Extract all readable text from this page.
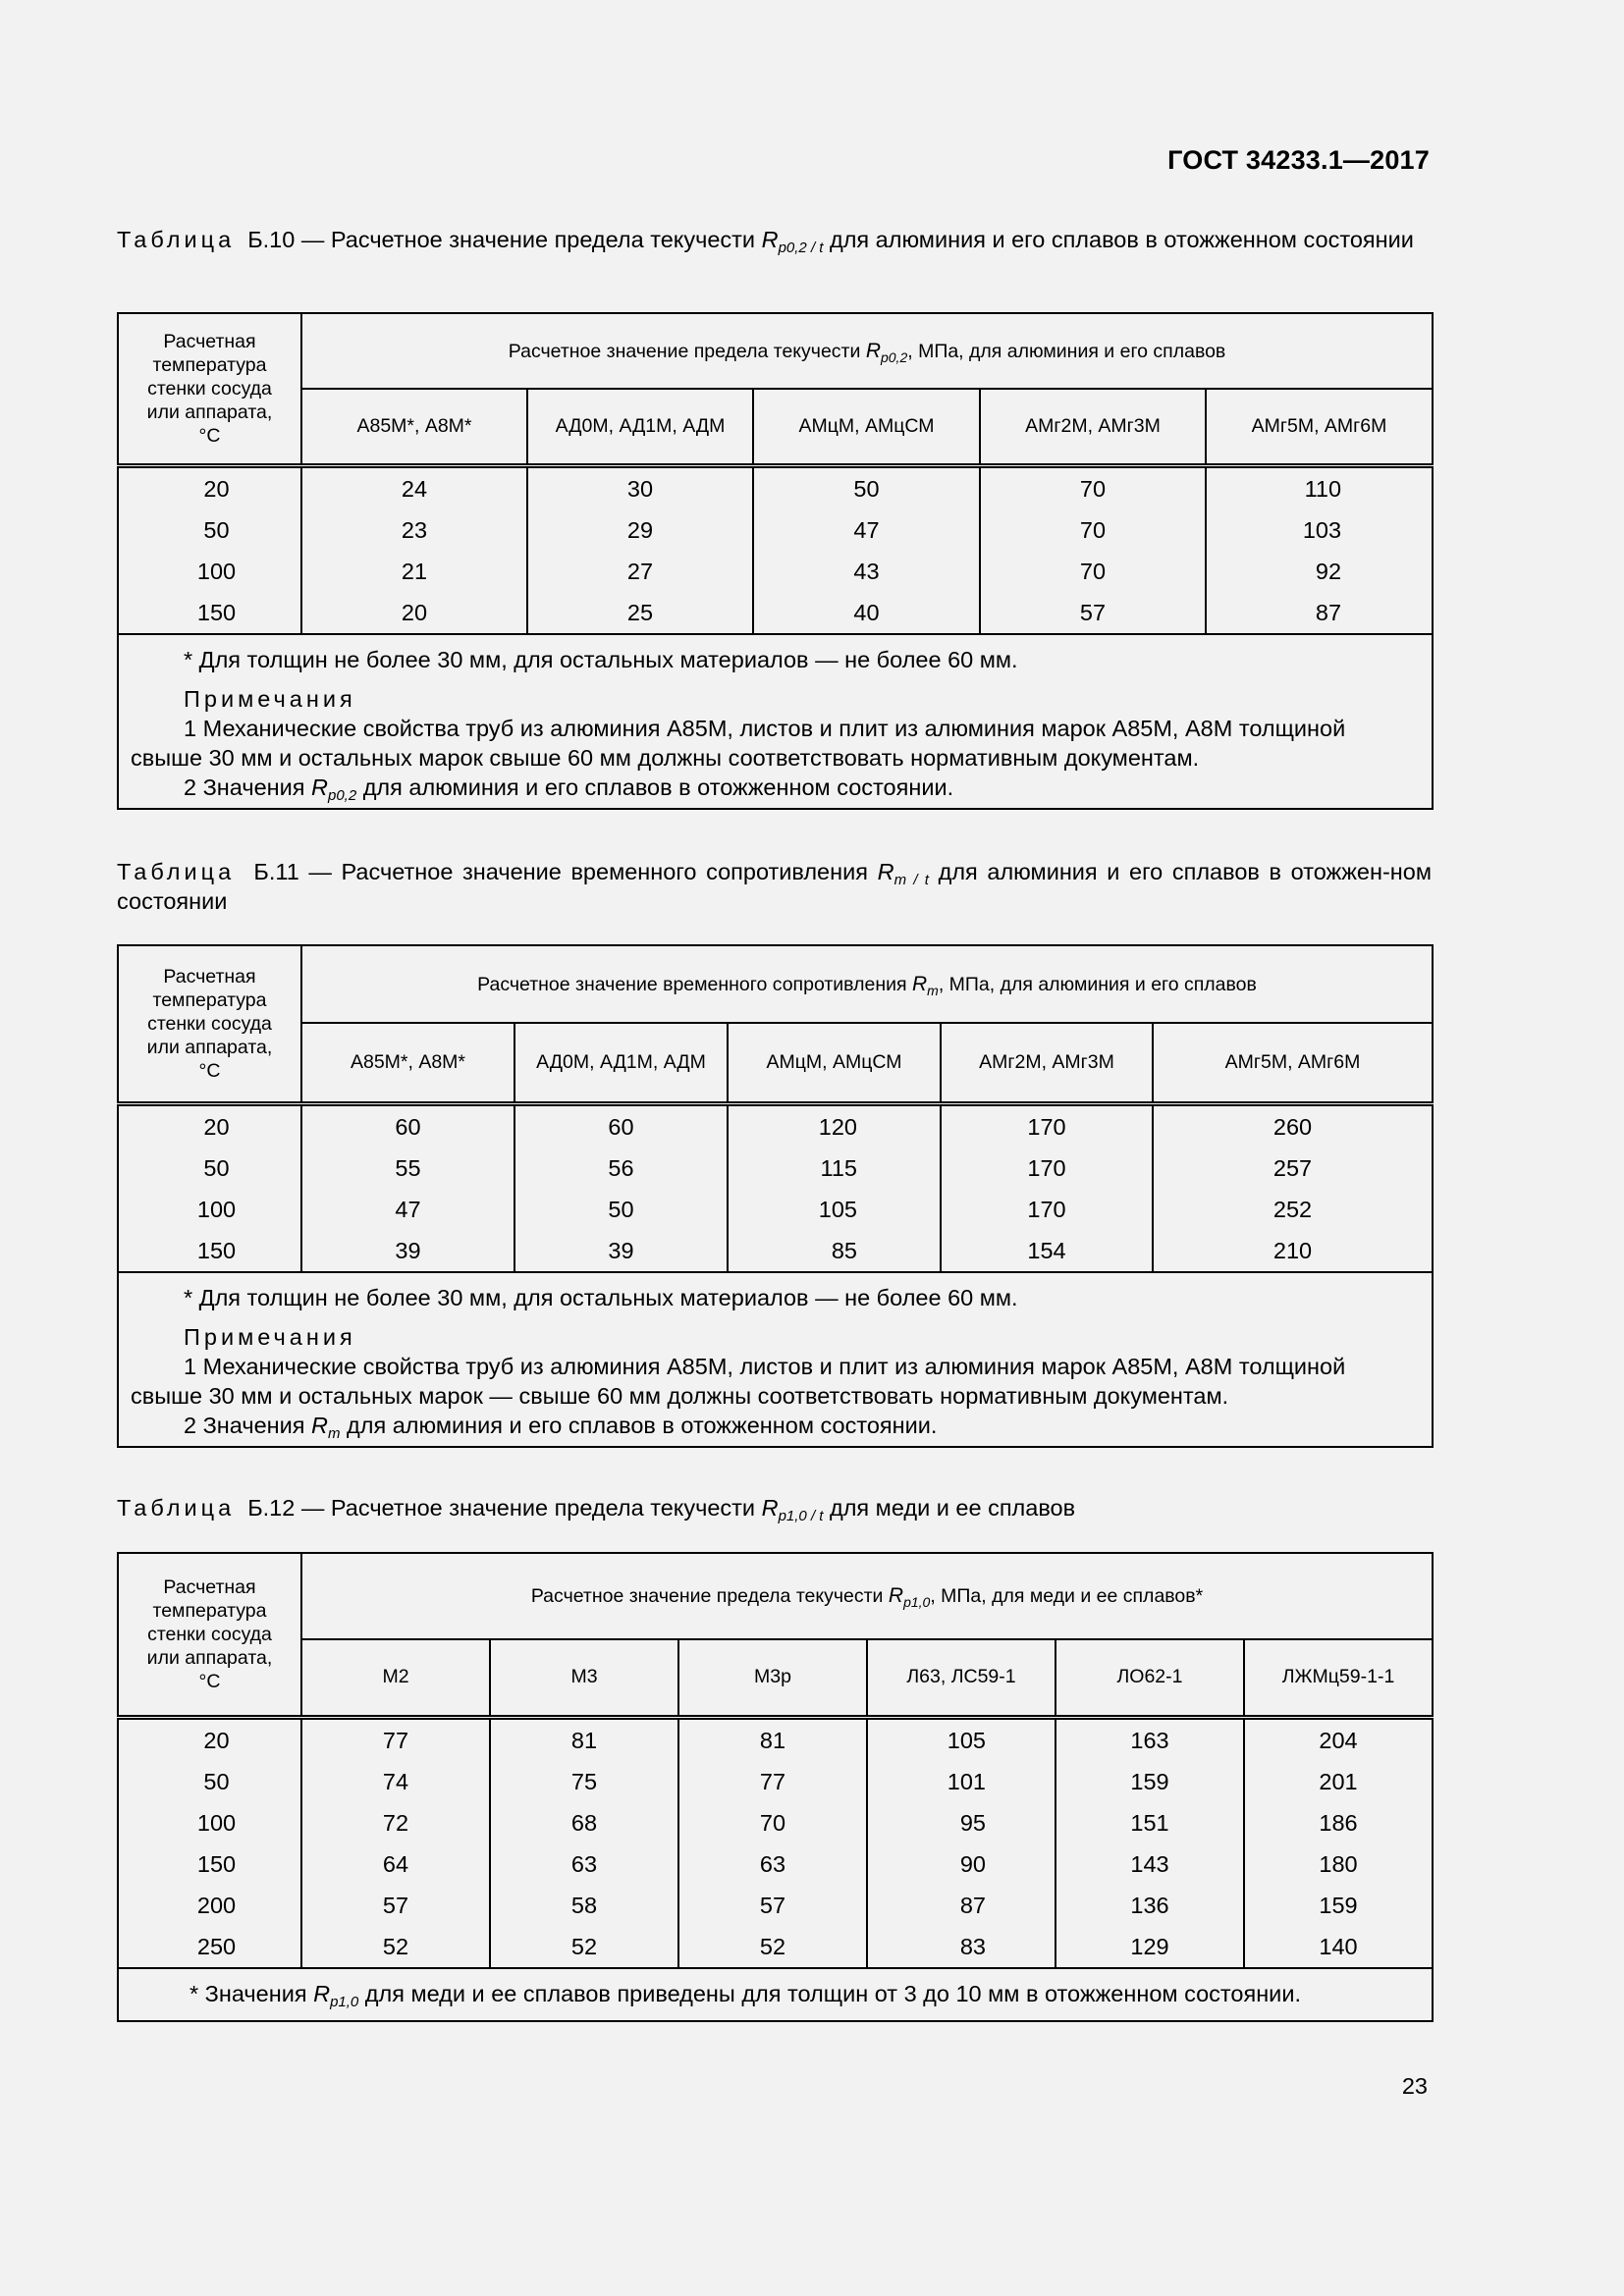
ГОСТ 34233.1—2017
Таблица Б.10 — Расчетное значение предела текучести $R_{p0,2 / t}$ для алюминия и его сплавов в отожженном состоянии
Расчетная
температура
стенки сосуда
или аппарата,
°С	Расчетное значение предела текучести $R_{p0,2}$, МПа, для алюминия и его сплавов				
	А85М*, А8М*	АД0М, АД1М, АДМ	АМцМ, АМцСМ	АМг2М, АМг3М	АМг5М, АМг6М
20	24	30	50	70	110
50	23	29	47	70	103
100	21	27	43	70	92
150	20	25	40	57	87

* Для толщин не более 30 мм, для остальных материалов — не более 60 мм.

Примечания

1 Механические свойства труб из алюминия А85М, листов и плит из алюминия марок А85М, А8М толщиной
свыше 30 мм и остальных марок свыше 60 мм должны соответствовать нормативным документам.

2 Значения $R_{p0,2}$ для алюминия и его сплавов в отожженном состоянии.					

Таблица Б.11 — Расчетное значение временного сопротивления $R_{m / t}$ для алюминия и его сплавов в отожжен-ном состоянии
Расчетная
температура
стенки сосуда
или аппарата,
°С	Расчетное значение временного сопротивления $R_m$, МПа, для алюминия и его сплавов				
	А85М*, А8М*	АД0М, АД1М, АДМ	АМцМ, АМцСМ	АМг2М, АМг3М	АМг5М, АМг6М
20	60	60	120	170	260
50	55	56	115	170	257
100	47	50	105	170	252
150	39	39	85	154	210

* Для толщин не более 30 мм, для остальных материалов — не более 60 мм.

Примечания

1 Механические свойства труб из алюминия А85М, листов и плит из алюминия марок А85М, А8М толщиной
свыше 30 мм и остальных марок — свыше 60 мм должны соответствовать нормативным документам.

2 Значения $R_m$ для алюминия и его сплавов в отожженном состоянии.					

Таблица Б.12 — Расчетное значение предела текучести $R_{p1,0 / t}$ для меди и ее сплавов
Расчетная
температура
стенки сосуда
или аппарата,
°С	Расчетное значение предела текучести $R_{p1,0}$, МПа, для меди и ее сплавов*					
	М2	М3	М3р	Л63, ЛС59-1	ЛО62-1	ЛЖМц59-1-1
20	77	81	81	105	163	204
50	74	75	77	101	159	201
100	72	68	70	95	151	186
150	64	63	63	90	143	180
200	57	58	57	87	136	159
250	52	52	52	83	129	140

* Значения $R_{p1,0}$ для меди и ее сплавов приведены для толщин от 3 до 10 мм в отожженном состоянии.						

23
